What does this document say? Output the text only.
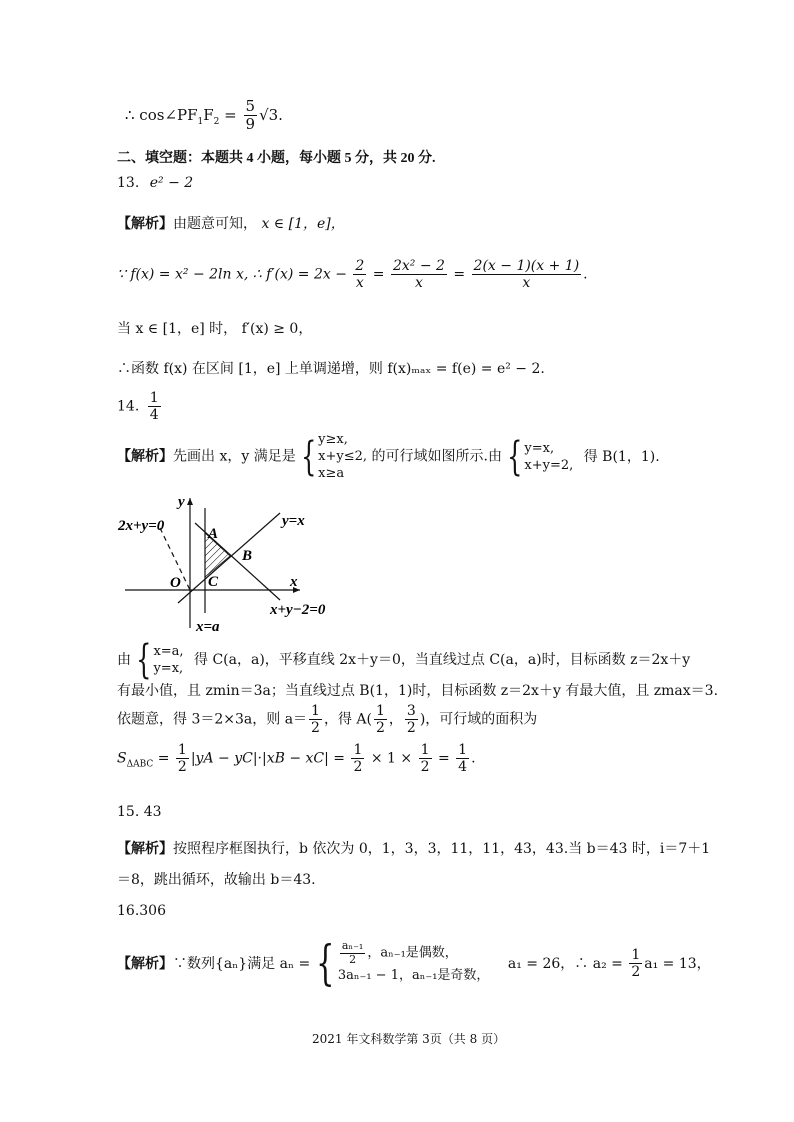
∴ $\cos\angle PF_1F_2 = \frac{5}{9} √3$.
二、填空题：本题共 4 小题，每小题 5 分，共 20 分.
13. e² − 2
【解析】由题意可知， x ∈ [1，e]，
∵ f(x) = x² − 2ln x, ∴ $f'(x) = 2x - \frac{2}{x} = \frac{\text{2x² − 2}}{x} = \frac{2(x - 1)(x + 1)}{x}$ .
当 x ∈ [1，e] 时， f′(x) ≥ 0，
∴函数 f(x) 在区间 [1，e] 上单调递增，则 f(x)ₘₐₓ = f(e) = e² − 2.
14. $\frac{1}{4}$
【解析】先画出 x，y 满足是 { y≥x,
x+y≤2,
x≥a
的可行域如图所示.由 { y=x,
x+y=2,
得 B(1，1).
2x+y=0
y
A
y=x
B
O C	x
x+y−2=0
x=a
由 { x=a,
y=x,
得 C(a，a)，平移直线 2x＋y＝0，当直线过点 C(a，a)时，目标函数 z＝2x＋y
有最小值，且 zmin＝3a；当直线过点 B(1，1)时，目标函数 z＝2x＋y 有最大值，且 zmax＝3.
依题意，得 3＝2×3a，则 $a= \frac{1}{2}$ ，得 $A( \frac{1}{2}$ ， $\frac{3}{2}$ )，可行域的面积为
$S_{\Delta ABC} = \frac{1}{2} |yA - yC|\cdot|xB - xC| = \frac{1}{2} \times 1 \times \frac{1}{2} = \frac{1}{4}$ .
15. 43
【解析】按照程序框图执行，b 依次为 0，1，3，3，11，11，43，43.当 b＝43 时，i＝7＋1
＝8，跳出循环，故输出 b＝43.
16.306
【解析】∵数列{aₙ}满足 aₙ = { $\frac{\text{aₙ₋₁}}{2}$ ，aₙ₋₁是偶数，
3aₙ₋₁ − 1，aₙ₋₁是奇数，
a₁ = 26，∴ $a_2 = \frac{1}{2} a_1 = 13$，
2021 年文科数学第 3页（共 8 页）
